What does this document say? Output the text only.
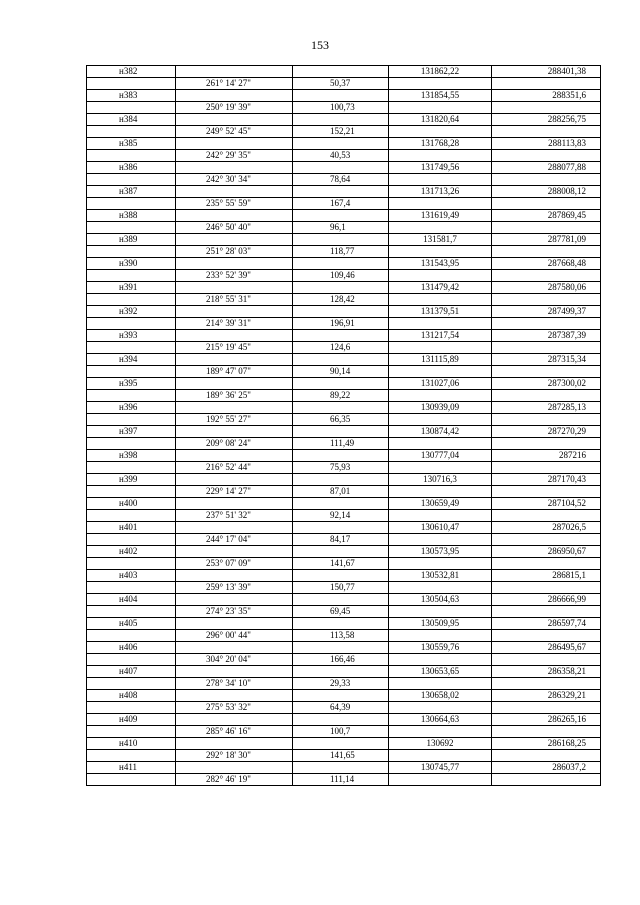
153
н382			131862,22	288401,38
	261° 14' 27"	50,37		
н383			131854,55	288351,6
	250° 19' 39"	100,73		
н384			131820,64	288256,75
	249° 52' 45"	152,21		
н385			131768,28	288113,83
	242° 29' 35"	40,53		
н386			131749,56	288077,88
	242° 30' 34"	78,64		
н387			131713,26	288008,12
	235° 55' 59"	167,4		
н388			131619,49	287869,45
	246° 50' 40"	96,1		
н389			131581,7	287781,09
	251° 28' 03"	118,77		
н390			131543,95	287668,48
	233° 52' 39"	109,46		
н391			131479,42	287580,06
	218° 55' 31"	128,42		
н392			131379,51	287499,37
	214° 39' 31"	196,91		
н393			131217,54	287387,39
	215° 19' 45"	124,6		
н394			131115,89	287315,34
	189° 47' 07"	90,14		
н395			131027,06	287300,02
	189° 36' 25"	89,22		
н396			130939,09	287285,13
	192° 55' 27"	66,35		
н397			130874,42	287270,29
	209° 08' 24"	111,49		
н398			130777,04	287216
	216° 52' 44"	75,93		
н399			130716,3	287170,43
	229° 14' 27"	87,01		
н400			130659,49	287104,52
	237° 51' 32"	92,14		
н401			130610,47	287026,5
	244° 17' 04"	84,17		
н402			130573,95	286950,67
	253° 07' 09"	141,67		
н403			130532,81	286815,1
	259° 13' 39"	150,77		
н404			130504,63	286666,99
	274° 23' 35"	69,45		
н405			130509,95	286597,74
	296° 00' 44"	113,58		
н406			130559,76	286495,67
	304° 20' 04"	166,46		
н407			130653,65	286358,21
	278° 34' 10"	29,33		
н408			130658,02	286329,21
	275° 53' 32"	64,39		
н409			130664,63	286265,16
	285° 46' 16"	100,7		
н410			130692	286168,25
	292° 18' 30"	141,65		
н411			130745,77	286037,2
	282° 46' 19"	111,14		
